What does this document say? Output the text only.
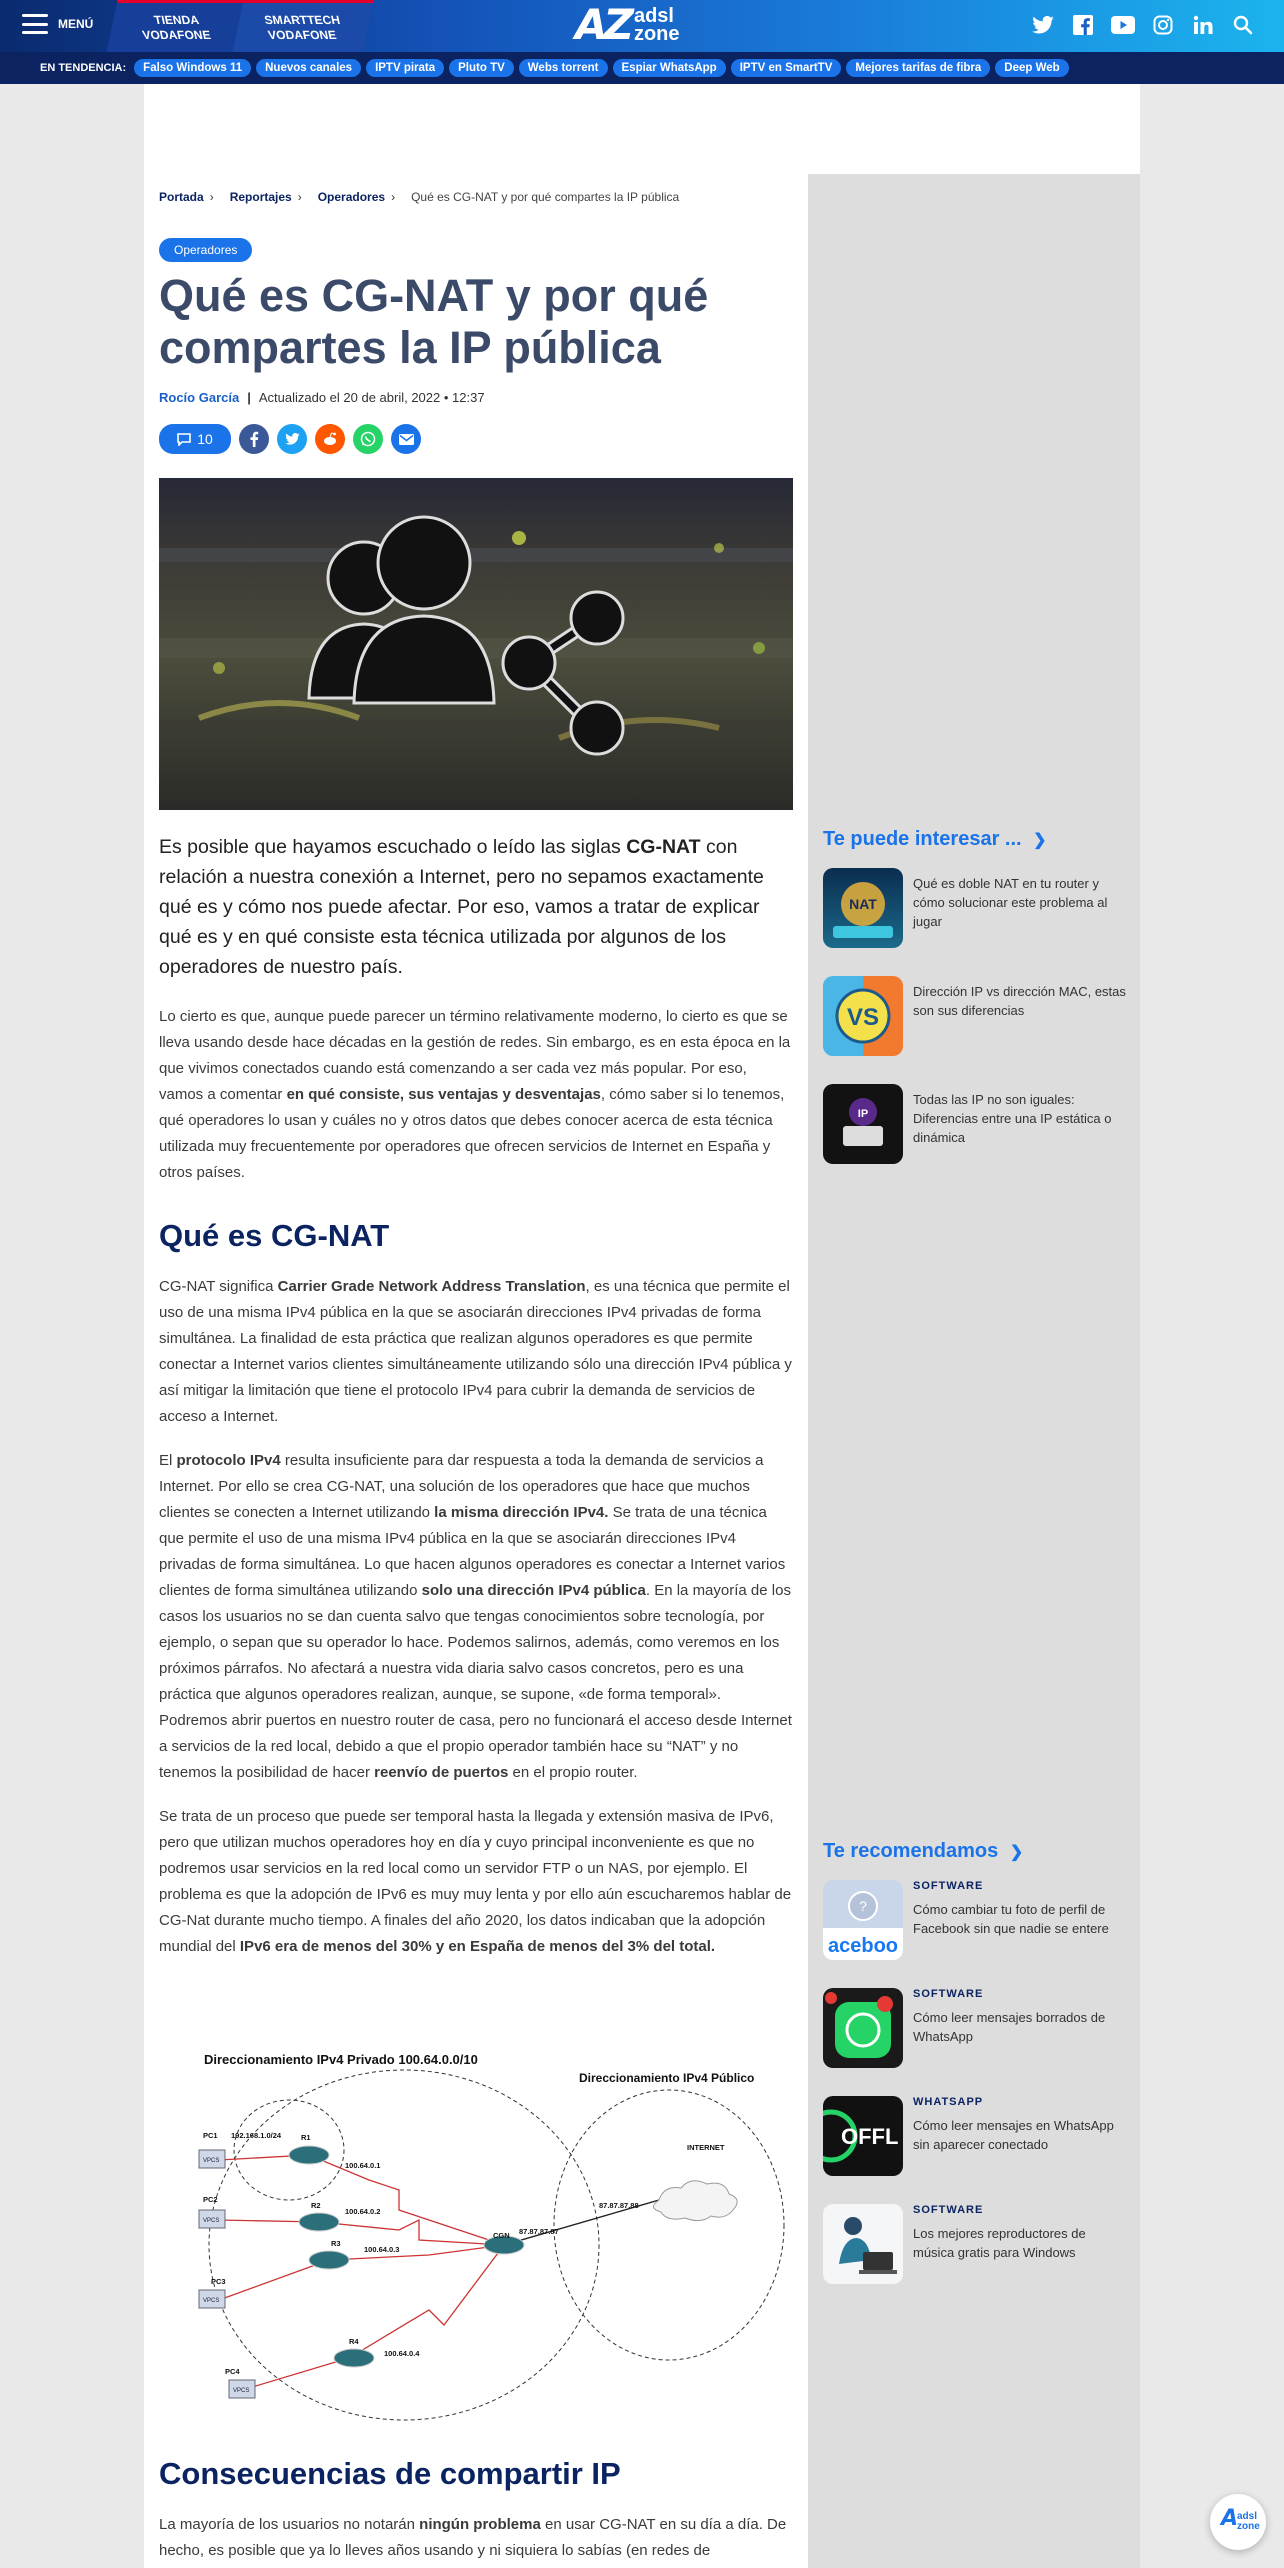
MENÚ	TIENDA
VODAFONE
SMARTTECH
VODAFONE	AZ adsl
zone
EN TENDENCIA:	Falso Windows 11	Nuevos canales	IPTV pirata	Pluto TV	Webs torrent	Espiar WhatsApp	IPTV en SmartTV	Mejores tarifas de fibra	Deep Web
Portada › Reportajes › Operadores › Qué es CG-NAT y por qué compartes la IP pública
Operadores
Qué es CG-NAT y por qué compartes la IP pública
Rocío García | Actualizado el 20 de abril, 2022 • 12:37
10

Es posible que hayamos escuchado o leído las siglas CG-NAT con relación a nuestra conexión a Internet, pero no sepamos exactamente qué es y cómo nos puede afectar. Por eso, vamos a tratar de explicar qué es y en qué consiste esta técnica utilizada por algunos de los operadores de nuestro país.

Lo cierto es que, aunque puede parecer un término relativamente moderno, lo cierto es que se lleva usando desde hace décadas en la gestión de redes. Sin embargo, es en esta época en la que vivimos conectados cuando está comenzando a ser cada vez más popular. Por eso, vamos a comentar en qué consiste, sus ventajas y desventajas, cómo saber si lo tenemos, qué operadores lo usan y cuáles no y otros datos que debes conocer acerca de esta técnica utilizada muy frecuentemente por operadores que ofrecen servicios de Internet en España y otros países.

Qué es CG-NAT

CG-NAT significa Carrier Grade Network Address Translation, es una técnica que permite el uso de una misma IPv4 pública en la que se asociarán direcciones IPv4 privadas de forma simultánea. La finalidad de esta práctica que realizan algunos operadores es que permite conectar a Internet varios clientes simultáneamente utilizando sólo una dirección IPv4 pública y así mitigar la limitación que tiene el protocolo IPv4 para cubrir la demanda de servicios de acceso a Internet.

El protocolo IPv4 resulta insuficiente para dar respuesta a toda la demanda de servicios a Internet. Por ello se crea CG-NAT, una solución de los operadores que hace que muchos clientes se conecten a Internet utilizando la misma dirección IPv4. Se trata de una técnica que permite el uso de una misma IPv4 pública en la que se asociarán direcciones IPv4 privadas de forma simultánea. Lo que hacen algunos operadores es conectar a Internet varios clientes de forma simultánea utilizando solo una dirección IPv4 pública. En la mayoría de los casos los usuarios no se dan cuenta salvo que tengas conocimientos sobre tecnología, por ejemplo, o sepan que su operador lo hace. Podemos salirnos, además, como veremos en los próximos párrafos. No afectará a nuestra vida diaria salvo casos concretos, pero es una práctica que algunos operadores realizan, aunque, se supone, «de forma temporal». Podremos abrir puertos en nuestro router de casa, pero no funcionará el acceso desde Internet a servicios de la red local, debido a que el propio operador también hace su “NAT” y no tenemos la posibilidad de hacer reenvío de puertos en el propio router.

Se trata de un proceso que puede ser temporal hasta la llegada y extensión masiva de IPv6, pero que utilizan muchos operadores hoy en día y cuyo principal inconveniente es que no podremos usar servicios en la red local como un servidor FTP o un NAS, por ejemplo. El problema es que la adopción de IPv6 es muy muy lenta y por ello aún escucharemos hablar de CG-Nat durante mucho tiempo. A finales del año 2020, los datos indicaban que la adopción mundial del IPv6 era de menos del 30% y en España de menos del 3% del total.

Direccionamiento IPv4 Privado 100.64.0.0/10
Direccionamiento IPv4 Público
PC1 192.168.1.0/24
PC2
PC3
PC4
R1
R2
R3
R4
100.64.0.1
100.64.0.2
100.64.0.3
100.64.0.4
CGN 87.87.87.87
87.87.87.88
INTERNET
VPCS
VPCS
VPCS
VPCS
Consecuencias de compartir IP

La mayoría de los usuarios no notarán ningún problema en usar CG-NAT en su día a día. De hecho, es posible que ya lo lleves años usando y ni siquiera lo sabías (en redes de

Te puede interesar ... ❯
NAT
Qué es doble NAT en tu router y cómo solucionar este problema al jugar
VS
Dirección IP vs dirección MAC, estas son sus diferencias
IP
Todas las IP no son iguales: Diferencias entre una IP estática o dinámica
Te recomendamos ❯
?
aceboo
SOFTWARE
Cómo cambiar tu foto de perfil de Facebook sin que nadie se entere
SOFTWARE
Cómo leer mensajes borrados de WhatsApp
OFFL
WHATSAPP
Cómo leer mensajes en WhatsApp sin aparecer conectado
SOFTWARE
Los mejores reproductores de música gratis para Windows
A
adsl
zone
